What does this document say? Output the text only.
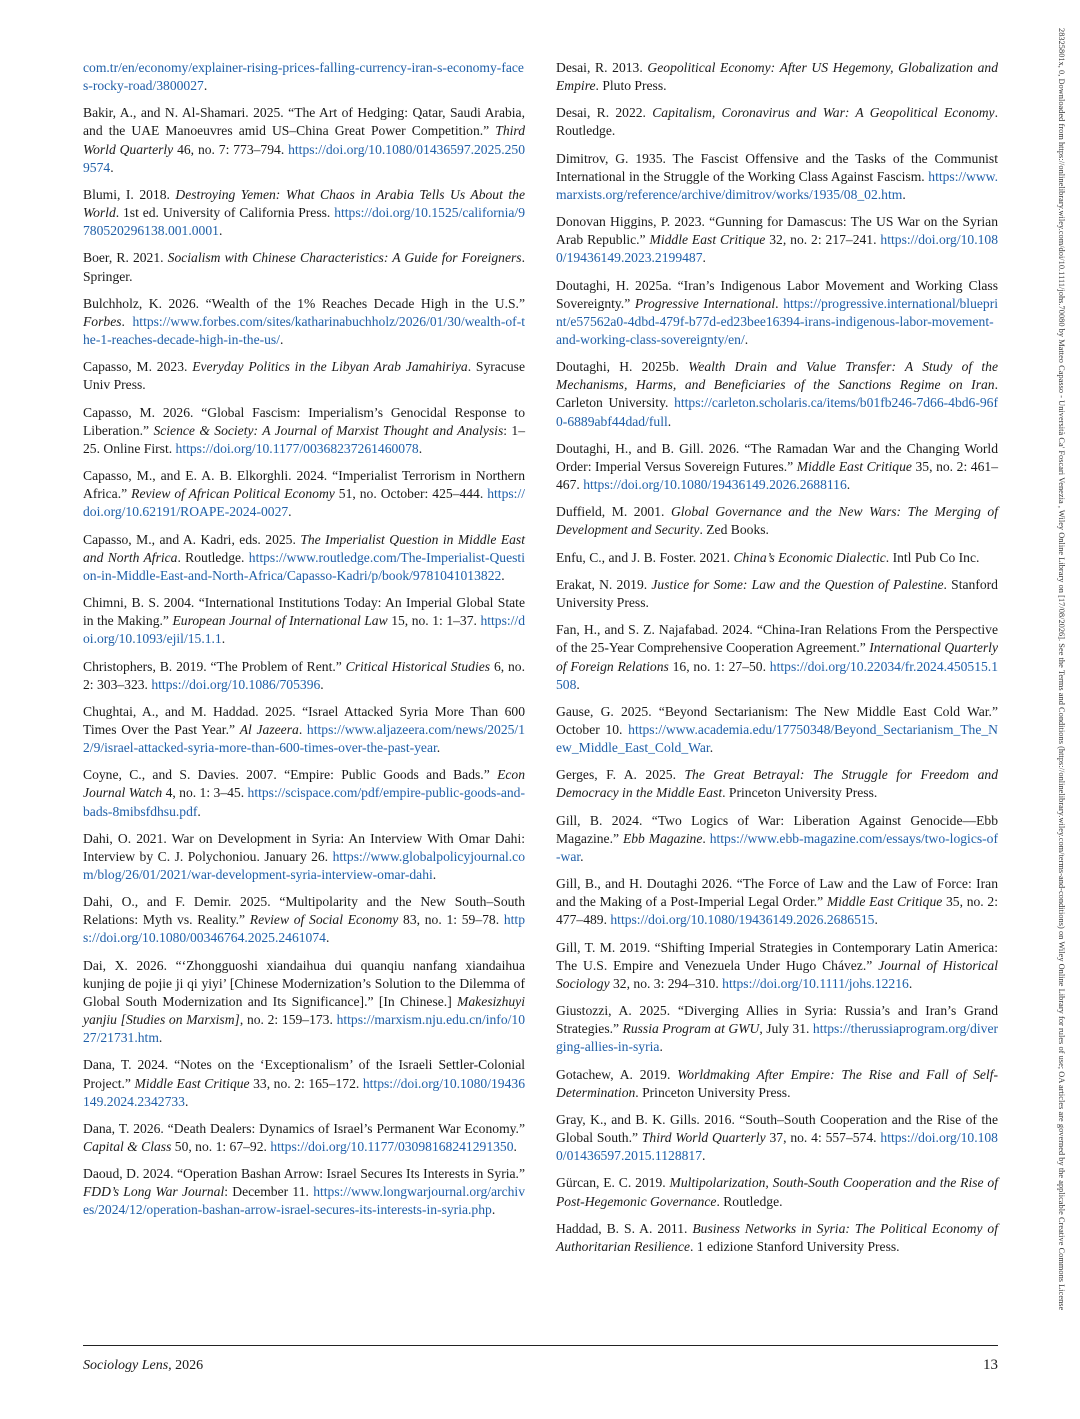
28325801x, 0, Downloaded from https://onlinelibrary.wiley.com/doi/10.1111/johs.70080 by Matteo Capasso - Università Ca' Foscari Venezia , Wiley Online Library on [17/08/2026]. See the Terms and Conditions (https://onlinelibrary.wiley.com/terms-and-conditions) on Wiley Online Library for rules of use; OA articles are governed by the applicable Creative Commons License

com.tr/en/economy/explainer-rising-prices-falling-currency-iran-s-economy-faces-rocky-road/3800027.

Bakir, A., and N. Al-Shamari. 2025. “The Art of Hedging: Qatar, Saudi Arabia, and the UAE Manoeuvres amid US–China Great Power Competition.” Third World Quarterly 46, no. 7: 773–794. https://doi.org/10.1080/01436597.2025.2509574.

Blumi, I. 2018. Destroying Yemen: What Chaos in Arabia Tells Us About the World. 1st ed. University of California Press. https://doi.org/10.1525/california/9780520296138.001.0001.

Boer, R. 2021. Socialism with Chinese Characteristics: A Guide for Foreigners. Springer.

Bulchholz, K. 2026. “Wealth of the 1% Reaches Decade High in the U.S.” Forbes. https://www.forbes.com/sites/katharinabuchholz/2026/01/30/wealth-of-the-1-reaches-decade-high-in-the-us/.

Capasso, M. 2023. Everyday Politics in the Libyan Arab Jamahiriya. Syracuse Univ Press.

Capasso, M. 2026. “Global Fascism: Imperialism’s Genocidal Response to Liberation.” Science & Society: A Journal of Marxist Thought and Analysis: 1–25. Online First. https://doi.org/10.1177/00368237261460078.

Capasso, M., and E. A. B. Elkorghli. 2024. “Imperialist Terrorism in Northern Africa.” Review of African Political Economy 51, no. October: 425–444. https://doi.org/10.62191/ROAPE-2024-0027.

Capasso, M., and A. Kadri, eds. 2025. The Imperialist Question in Middle East and North Africa. Routledge. https://www.routledge.com/The-Imperialist-Question-in-Middle-East-and-North-Africa/Capasso-Kadri/p/book/9781041013822.

Chimni, B. S. 2004. “International Institutions Today: An Imperial Global State in the Making.” European Journal of International Law 15, no. 1: 1–37. https://doi.org/10.1093/ejil/15.1.1.

Christophers, B. 2019. “The Problem of Rent.” Critical Historical Studies 6, no. 2: 303–323. https://doi.org/10.1086/705396.

Chughtai, A., and M. Haddad. 2025. “Israel Attacked Syria More Than 600 Times Over the Past Year.” Al Jazeera. https://www.aljazeera.com/news/2025/12/9/israel-attacked-syria-more-than-600-times-over-the-past-year.

Coyne, C., and S. Davies. 2007. “Empire: Public Goods and Bads.” Econ Journal Watch 4, no. 1: 3–45. https://scispace.com/pdf/empire-public-goods-and-bads-8mibsfdhsu.pdf.

Dahi, O. 2021. War on Development in Syria: An Interview With Omar Dahi: Interview by C. J. Polychoniou. January 26. https://www.globalpolicyjournal.com/blog/26/01/2021/war-development-syria-interview-omar-dahi.

Dahi, O., and F. Demir. 2025. “Multipolarity and the New South–South Relations: Myth vs. Reality.” Review of Social Economy 83, no. 1: 59–78. https://doi.org/10.1080/00346764.2025.2461074.

Dai, X. 2026. “‘Zhongguoshi xiandaihua dui quanqiu nanfang xiandaihua kunjing de pojie ji qi yiyi’ [Chinese Modernization’s Solution to the Dilemma of Global South Modernization and Its Significance].” [In Chinese.] Makesizhuyi yanjiu [Studies on Marxism], no. 2: 159–173. https://marxism.nju.edu.cn/info/1027/21731.htm.

Dana, T. 2024. “Notes on the ‘Exceptionalism’ of the Israeli Settler-Colonial Project.” Middle East Critique 33, no. 2: 165–172. https://doi.org/10.1080/19436149.2024.2342733.

Dana, T. 2026. “Death Dealers: Dynamics of Israel’s Permanent War Economy.” Capital & Class 50, no. 1: 67–92. https://doi.org/10.1177/03098168241291350.

Daoud, D. 2024. “Operation Bashan Arrow: Israel Secures Its Interests in Syria.” FDD’s Long War Journal: December 11. https://www.longwarjournal.org/archives/2024/12/operation-bashan-arrow-israel-secures-its-interests-in-syria.php.

Desai, R. 2013. Geopolitical Economy: After US Hegemony, Globalization and Empire. Pluto Press.

Desai, R. 2022. Capitalism, Coronavirus and War: A Geopolitical Economy. Routledge.

Dimitrov, G. 1935. The Fascist Offensive and the Tasks of the Communist International in the Struggle of the Working Class Against Fascism. https://www.marxists.org/reference/archive/dimitrov/works/1935/08_02.htm.

Donovan Higgins, P. 2023. “Gunning for Damascus: The US War on the Syrian Arab Republic.” Middle East Critique 32, no. 2: 217–241. https://doi.org/10.1080/19436149.2023.2199487.

Doutaghi, H. 2025a. “Iran’s Indigenous Labor Movement and Working Class Sovereignty.” Progressive International. https://progressive.international/blueprint/e57562a0-4dbd-479f-b77d-ed23bee16394-irans-indigenous-labor-movement-and-working-class-sovereignty/en/.

Doutaghi, H. 2025b. Wealth Drain and Value Transfer: A Study of the Mechanisms, Harms, and Beneficiaries of the Sanctions Regime on Iran. Carleton University. https://carleton.scholaris.ca/items/b01fb246-7d66-4bd6-96f0-6889abf44dad/full.

Doutaghi, H., and B. Gill. 2026. “The Ramadan War and the Changing World Order: Imperial Versus Sovereign Futures.” Middle East Critique 35, no. 2: 461–467. https://doi.org/10.1080/19436149.2026.2688116.

Duffield, M. 2001. Global Governance and the New Wars: The Merging of Development and Security. Zed Books.

Enfu, C., and J. B. Foster. 2021. China’s Economic Dialectic. Intl Pub Co Inc.

Erakat, N. 2019. Justice for Some: Law and the Question of Palestine. Stanford University Press.

Fan, H., and S. Z. Najafabad. 2024. “China-Iran Relations From the Perspective of the 25-Year Comprehensive Cooperation Agreement.” International Quarterly of Foreign Relations 16, no. 1: 27–50. https://doi.org/10.22034/fr.2024.450515.1508.

Gause, G. 2025. “Beyond Sectarianism: The New Middle East Cold War.” October 10. https://www.academia.edu/17750348/Beyond_Sectarianism_The_New_Middle_East_Cold_War.

Gerges, F. A. 2025. The Great Betrayal: The Struggle for Freedom and Democracy in the Middle East. Princeton University Press.

Gill, B. 2024. “Two Logics of War: Liberation Against Genocide—Ebb Magazine.” Ebb Magazine. https://www.ebb-magazine.com/essays/two-logics-of-war.

Gill, B., and H. Doutaghi 2026. “The Force of Law and the Law of Force: Iran and the Making of a Post-Imperial Legal Order.” Middle East Critique 35, no. 2: 477–489. https://doi.org/10.1080/19436149.2026.2686515.

Gill, T. M. 2019. “Shifting Imperial Strategies in Contemporary Latin America: The U.S. Empire and Venezuela Under Hugo Chávez.” Journal of Historical Sociology 32, no. 3: 294–310. https://doi.org/10.1111/johs.12216.

Giustozzi, A. 2025. “Diverging Allies in Syria: Russia’s and Iran’s Grand Strategies.” Russia Program at GWU, July 31. https://therussiaprogram.org/diverging-allies-in-syria.

Gotachew, A. 2019. Worldmaking After Empire: The Rise and Fall of Self-Determination. Princeton University Press.

Gray, K., and B. K. Gills. 2016. “South–South Cooperation and the Rise of the Global South.” Third World Quarterly 37, no. 4: 557–574. https://doi.org/10.1080/01436597.2015.1128817.

Gürcan, E. C. 2019. Multipolarization, South-South Cooperation and the Rise of Post-Hegemonic Governance. Routledge.

Haddad, B. S. A. 2011. Business Networks in Syria: The Political Economy of Authoritarian Resilience. 1 edizione Stanford University Press.

Sociology Lens, 2026	13
